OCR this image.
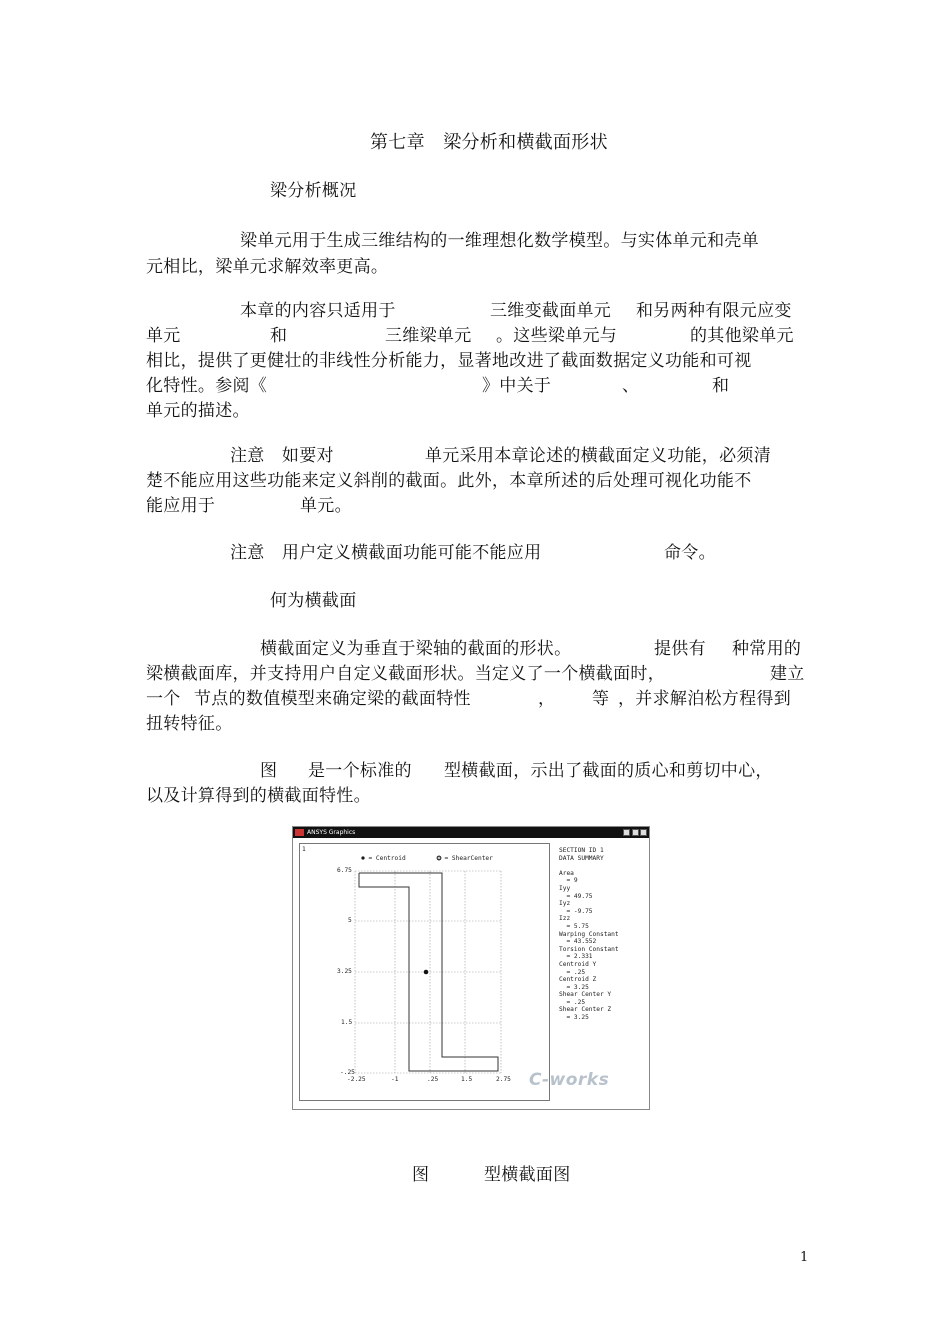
第七章　梁分析和横截面形状
梁分析概况
梁单元用于生成三维结构的一维理想化数学模型。与实体单元和壳单
元相比，梁单元求解效率更高。
本章的内容只适用于	三维变截面单元 和另两种有限元应变
单元	和	三维梁单元 。这些梁单元与	的其他梁单元
相比，提供了更健壮的非线性分析能力，显著地改进了截面数据定义功能和可视
化特性。参阅《	》中关于	、	和
单元的描述。
注意　如要对	单元采用本章论述的横截面定义功能，必须清
楚不能应用这些功能来定义斜削的截面。此外，本章所述的后处理可视化功能不
能应用于	单元。
注意　用户定义横截面功能可能不能应用	命令。
何为横截面
横截面定义为垂直于梁轴的截面的形状。	提供有 种常用的
梁横截面库，并支持用户自定义截面形状。当定义了一个横截面时，	建立
一个 节点的数值模型来确定梁的截面特性	， 等 ，并求解泊松方程得到
扭转特征。
图 是一个标准的 型横截面，示出了截面的质心和剪切中心，
以及计算得到的横截面特性。
ANSYS Graphics
1
• = Centroid	⊙ = ShearCenter
6.75
5
3.25
1.5
-.25
-2.25	-1	.25	1.5	2.75 C-works
SECTION ID 1
DATA SUMMARY

Area
= 9
Iyy
= 49.75
Iyz
= -9.75
Izz
= 5.75
Warping Constant
= 43.552
Torsion Constant
= 2.331
Centroid Y
= .25
Centroid Z
= 3.25
Shear Center Y
= .25
Shear Center Z
= 3.25
图	型横截面图
1
